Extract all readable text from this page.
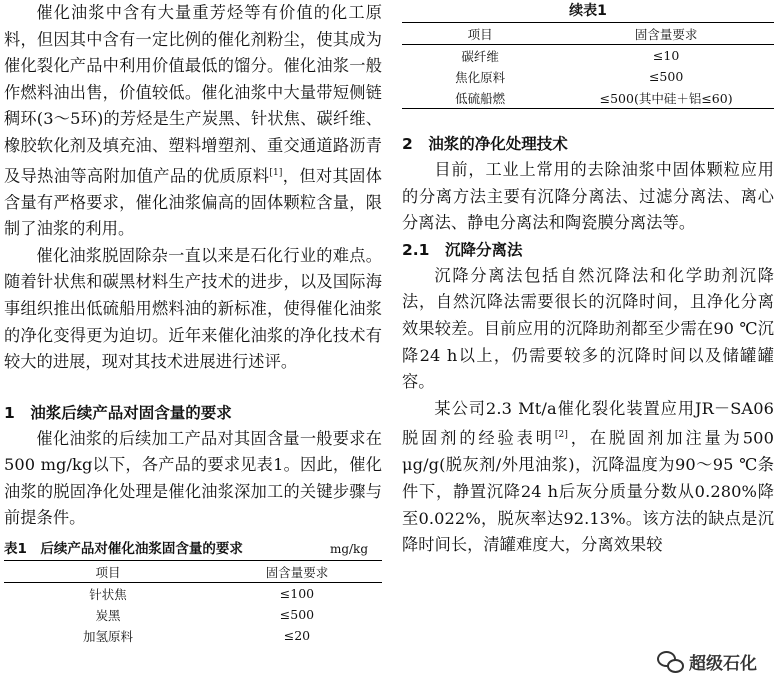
催化油浆中含有大量重芳烃等有价值的化工原料，但因其中含有一定比例的催化剂粉尘，使其成为催化裂化产品中利用价值最低的馏分。催化油浆一般作燃料油出售，价值较低。催化油浆中大量带短侧链稠环(3～5环)的芳烃是生产炭黑、针状焦、碳纤维、橡胶软化剂及填充油、塑料增塑剂、重交通道路沥青及导热油等高附加值产品的优质原料[1]，但对其固体含量有严格要求，催化油浆偏高的固体颗粒含量，限制了油浆的利用。

催化油浆脱固除杂一直以来是石化行业的难点。随着针状焦和碳黑材料生产技术的进步，以及国际海事组织推出低硫船用燃料油的新标准，使得催化油浆的净化变得更为迫切。近年来催化油浆的净化技术有较大的进展，现对其技术进展进行述评。

1　油浆后续产品对固含量的要求

催化油浆的后续加工产品对其固含量一般要求在500 mg/kg以下，各产品的要求见表1。因此，催化油浆的脱固净化处理是催化油浆深加工的关键步骤与前提条件。

表1　后续产品对催化油浆固含量的要求	mg/kg
项目	固含量要求
针状焦	≤100
炭黑	≤500
加氢原料	≤20
续表1
项目	固含量要求
碳纤维	≤10
焦化原料	≤500
低硫船燃	≤500(其中硅＋铝≤60)
2　油浆的净化处理技术

目前，工业上常用的去除油浆中固体颗粒应用的分离方法主要有沉降分离法、过滤分离法、离心分离法、静电分离法和陶瓷膜分离法等。

2.1　沉降分离法

沉降分离法包括自然沉降法和化学助剂沉降法，自然沉降法需要很长的沉降时间，且净化分离效果较差。目前应用的沉降助剂都至少需在90 ℃沉降24 h以上，仍需要较多的沉降时间以及储罐罐容。

某公司2.3 Mt/a催化裂化装置应用JR－SA06脱固剂的经验表明[2]，在脱固剂加注量为500 μg/g(脱灰剂/外甩油浆)，沉降温度为90～95 ℃条件下，静置沉降24 h后灰分质量分数从0.280%降至0.022%，脱灰率达92.13%。该方法的缺点是沉降时间长，清罐难度大，分离效果较

超级石化
